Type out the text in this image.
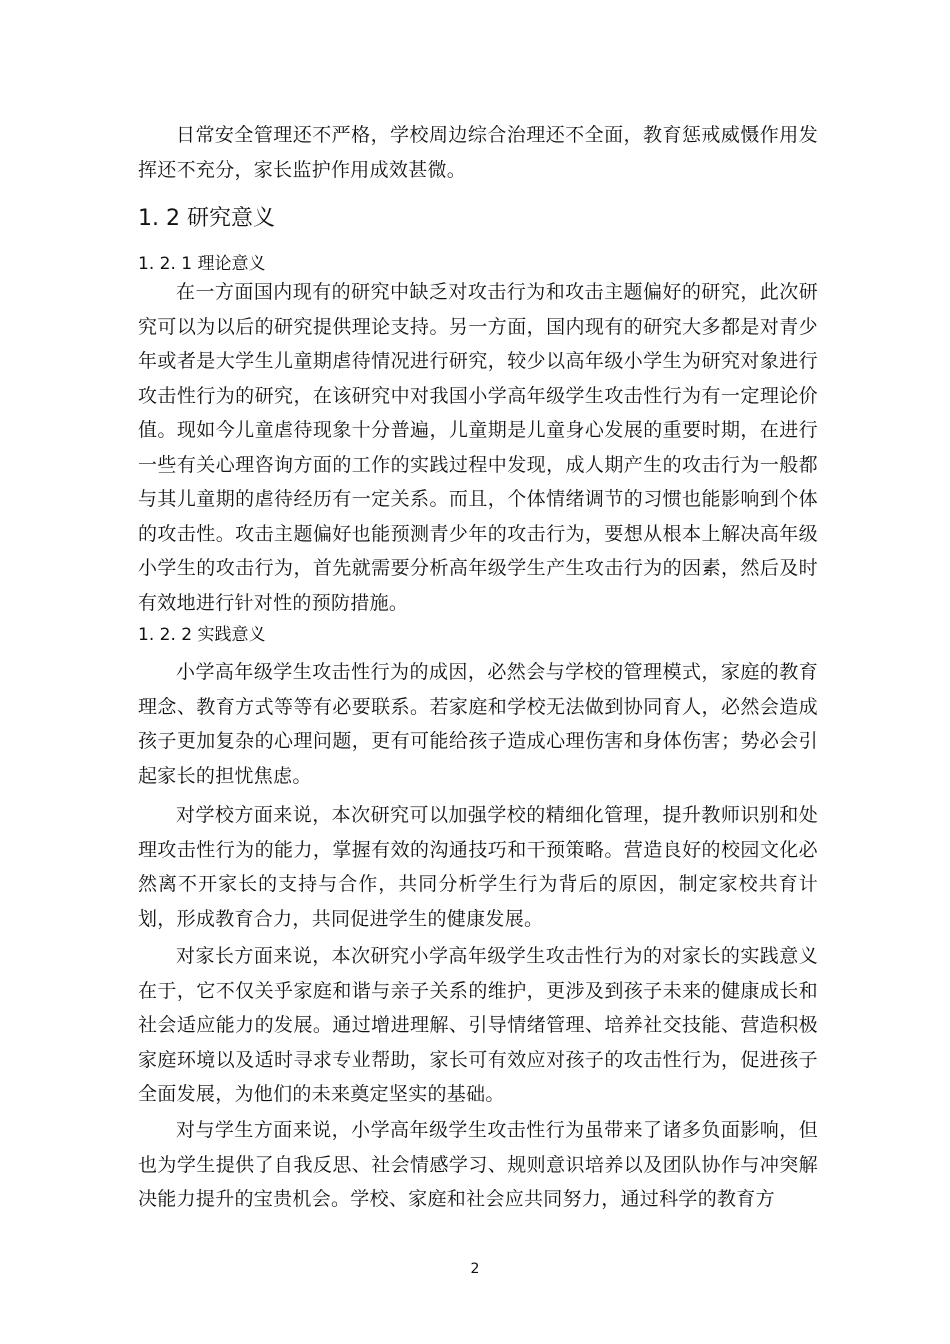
日常安全管理还不严格，学校周边综合治理还不全面，教育惩戒威慑作用发挥还不充分，家长监护作用成效甚微。

1. 2 研究意义
1. 2. 1 理论意义

在一方面国内现有的研究中缺乏对攻击行为和攻击主题偏好的研究，此次研究可以为以后的研究提供理论支持。另一方面，国内现有的研究大多都是对青少年或者是大学生儿童期虐待情况进行研究，较少以高年级小学生为研究对象进行攻击性行为的研究，在该研究中对我国小学高年级学生攻击性行为有一定理论价值。现如今儿童虐待现象十分普遍，儿童期是儿童身心发展的重要时期，在进行一些有关心理咨询方面的工作的实践过程中发现，成人期产生的攻击行为一般都与其儿童期的虐待经历有一定关系。而且，个体情绪调节的习惯也能影响到个体的攻击性。攻击主题偏好也能预测青少年的攻击行为，要想从根本上解决高年级小学生的攻击行为，首先就需要分析高年级学生产生攻击行为的因素，然后及时有效地进行针对性的预防措施。

1. 2. 2 实践意义

小学高年级学生攻击性行为的成因，必然会与学校的管理模式，家庭的教育理念、教育方式等等有必要联系。若家庭和学校无法做到协同育人，必然会造成孩子更加复杂的心理问题，更有可能给孩子造成心理伤害和身体伤害；势必会引起家长的担忧焦虑。

对学校方面来说，本次研究可以加强学校的精细化管理，提升教师识别和处理攻击性行为的能力，掌握有效的沟通技巧和干预策略。营造良好的校园文化必然离不开家长的支持与合作，共同分析学生行为背后的原因，制定家校共育计划，形成教育合力，共同促进学生的健康发展。

对家长方面来说，本次研究小学高年级学生攻击性行为的对家长的实践意义在于，它不仅关乎家庭和谐与亲子关系的维护，更涉及到孩子未来的健康成长和社会适应能力的发展。通过增进理解、引导情绪管理、培养社交技能、营造积极家庭环境以及适时寻求专业帮助，家长可有效应对孩子的攻击性行为，促进孩子全面发展，为他们的未来奠定坚实的基础。

对与学生方面来说，小学高年级学生攻击性行为虽带来了诸多负面影响，但也为学生提供了自我反思、社会情感学习、规则意识培养以及团队协作与冲突解决能力提升的宝贵机会。学校、家庭和社会应共同努力，通过科学的教育方

2
